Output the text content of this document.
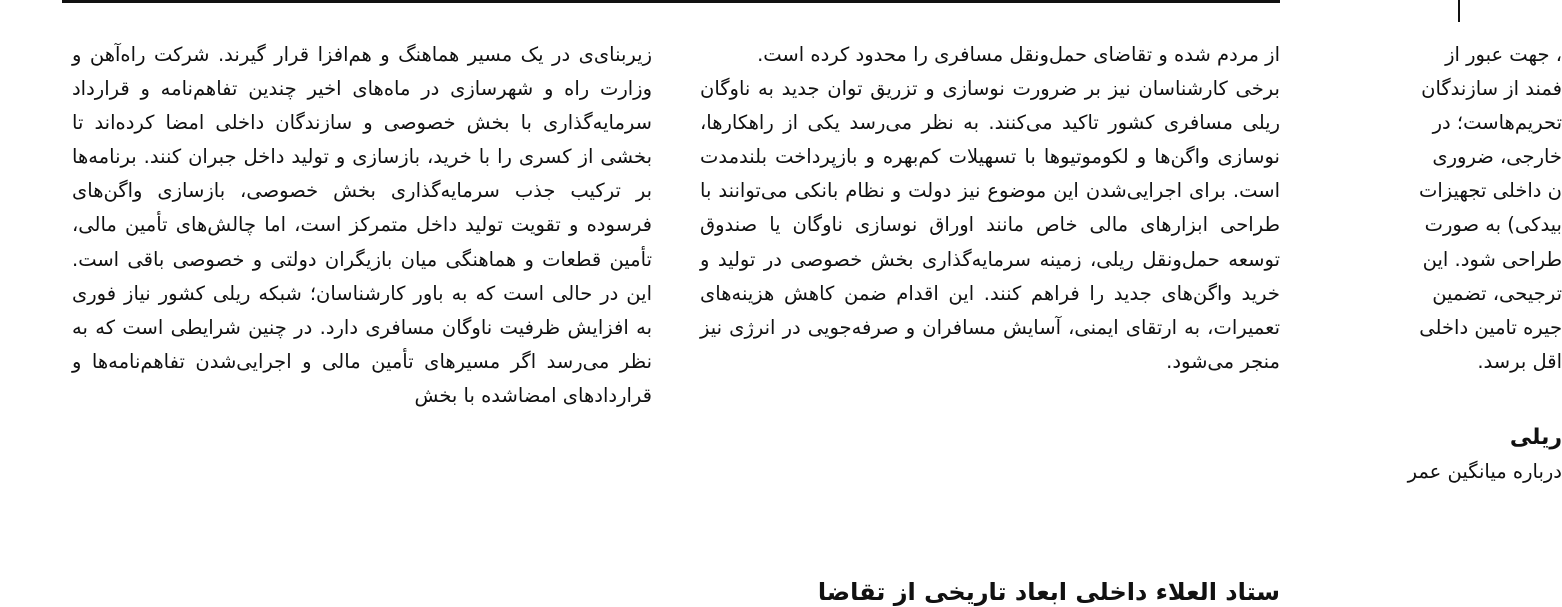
زیربنای‌ی در یک مسیر هماهنگ و هم‌افزا قرار گیرند. شرکت راه‌آهن و وزارت راه و شهرسازی در ماه‌های اخیر چندین تفاهم‌نامه و قرارداد سرمایه‌گذاری با بخش خصوصی و سازندگان داخلی امضا کرده‌اند تا بخشی از کسری را با خرید، بازسازی و تولید داخل جبران کنند. برنامه‌ها بر ترکیب جذب سرمایه‌گذاری بخش خصوصی، بازسازی واگن‌های فرسوده و تقویت تولید داخل متمرکز است، اما چالش‌های تأمین مالی، تأمین قطعات و هماهنگی میان بازیگران دولتی و خصوصی باقی است. این در حالی است که به باور کارشناسان؛ شبکه ریلی کشور نیاز فوری به افزایش ظرفیت ناوگان مسافری دارد. در چنین شرایطی است که به نظر می‌رسد اگر مسیرهای تأمین مالی و اجرایی‌شدن تفاهم‌نامه‌ها و قراردادهای امضاشده با بخش

از مردم شده و تقاضای حمل‌ونقل مسافری را محدود کرده است.

برخی کارشناسان نیز بر ضرورت نوسازی و تزریق توان جدید به ناوگان ریلی مسافری کشور تاکید می‌کنند. به نظر می‌رسد یکی از راهکارها، نوسازی واگن‌ها و لکوموتیوها با تسهیلات کم‌بهره و بازپرداخت بلندمدت است. برای اجرایی‌شدن این موضوع نیز دولت و نظام بانکی می‌توانند با طراحی ابزارهای مالی خاص مانند اوراق نوسازی ناوگان یا صندوق توسعه حمل‌ونقل ریلی، زمینه سرمایه‌گذاری بخش خصوصی در تولید و خرید واگن‌های جدید را فراهم کنند. این اقدام ضمن کاهش هزینه‌های تعمیرات، به ارتقای ایمنی، آسایش مسافران و صرفه‌جویی در انرژی نیز منجر می‌شود.

ستاد العلاء داخلی ابعاد تاریخی از تقاضا
، جهت عبور از
فمند از سازندگان
تحریم‌هاست؛ در
خارجی، ضروری
ن داخلی تجهیزات
بیدکی) به صورت
طراحی شود. این
ترجیحی، تضمین
جیره تامین داخلی
اقل برسد.
ریلی
درباره میانگین عمر
